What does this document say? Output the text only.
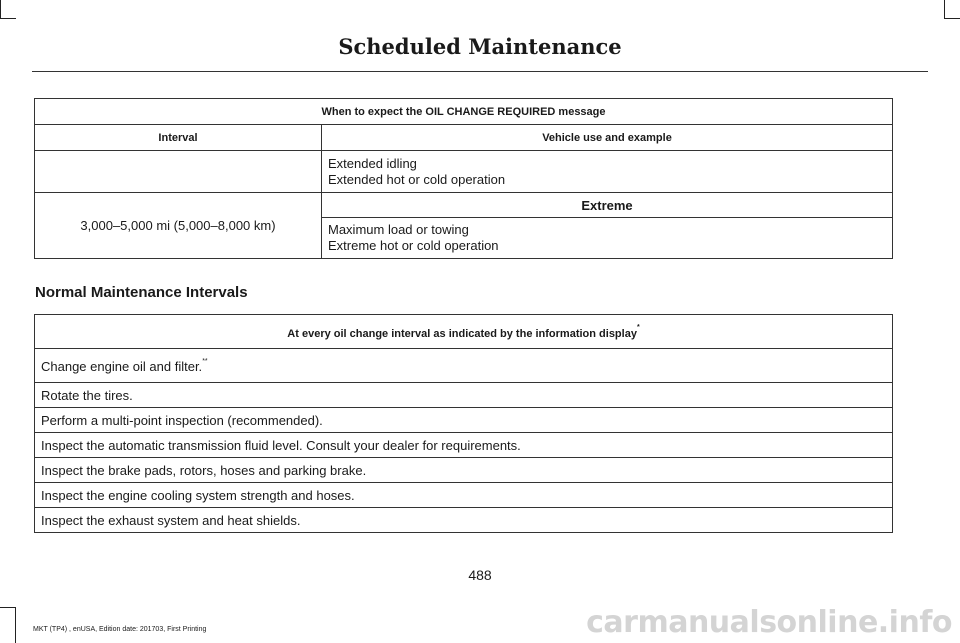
Scheduled Maintenance
When to expect the OIL CHANGE REQUIRED message	
Interval	Vehicle use and example

	Extended idling
Extended hot or cold operation

3,000–5,000 mi (5,000–8,000 km)	Extreme

	Maximum load or towing
Extreme hot or cold operation
Normal Maintenance Intervals
At every oil change interval as indicated by the information display*
Change engine oil and filter.**
Rotate the tires.
Perform a multi-point inspection (recommended).
Inspect the automatic transmission fluid level. Consult your dealer for requirements.
Inspect the brake pads, rotors, hoses and parking brake.
Inspect the engine cooling system strength and hoses.
Inspect the exhaust system and heat shields.
488
MKT (TP4) , enUSA, Edition date: 201703, First Printing	carmanualsonline.info
